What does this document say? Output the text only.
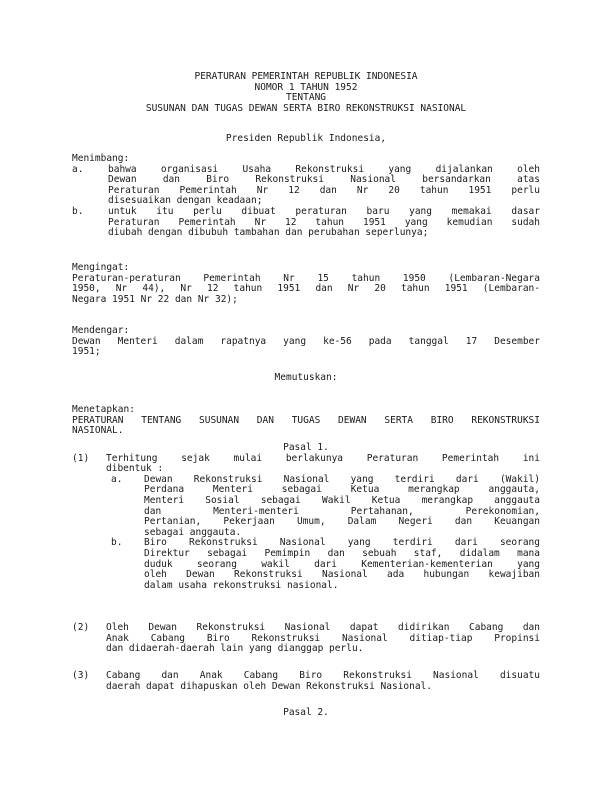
PERATURAN PEMERINTAH REPUBLIK INDONESIA
NOMOR 1 TAHUN 1952
TENTANG
SUSUNAN DAN TUGAS DEWAN SERTA BIRO REKONSTRUKSI NASIONAL
Presiden Republik Indonesia,
Menimbang:
a.	bahwa organisasi Usaha Rekonstruksi yang dijalankan oleh
Dewan dan Biro Rekonstruksi Nasional bersandarkan atas
Peraturan Pemerintah Nr 12 dan Nr 20 tahun 1951 perlu
disesuaikan dengan keadaan;
b.	untuk itu perlu dibuat peraturan baru yang memakai dasar
Peraturan Pemerintah Nr 12 tahun 1951 yang kemudian sudah
diubah dengan dibubuh tambahan dan perubahan seperlunya;
Mengingat:
Peraturan-peraturan Pemerintah Nr 15 tahun 1950 (Lembaran-Negara
1950, Nr 44), Nr 12 tahun 1951 dan Nr 20 tahun 1951 (Lembaran-
Negara 1951 Nr 22 dan Nr 32);
Mendengar:
Dewan Menteri dalam rapatnya yang ke-56 pada tanggal 17 Desember
1951;
Memutuskan:
Menetapkan:
PERATURAN TENTANG SUSUNAN DAN TUGAS DEWAN SERTA BIRO REKONSTRUKSI
NASIONAL.
Pasal 1.
(1) Terhitung sejak mulai berlakunya Peraturan Pemerintah ini
dibentuk :
a. Dewan Rekonstruksi Nasional yang terdiri dari (Wakil)
Perdana Menteri sebagai Ketua merangkap anggauta,
Menteri Sosial sebagai Wakil Ketua merangkap anggauta
dan Menteri-menteri Pertahanan, Perekonomian,
Pertanian, Pekerjaan Umum, Dalam Negeri dan Keuangan
sebagai anggauta.
b. Biro Rekonstruksi Nasional yang terdiri dari seorang
Direktur sebagai Pemimpin dan sebuah staf, didalam mana
duduk seorang wakil dari Kementerian-kementerian yang
oleh Dewan Rekonstruksi Nasional ada hubungan kewajiban
dalam usaha rekonstruksi nasional.
(2) Oleh Dewan Rekonstruksi Nasional dapat didirikan Cabang dan
Anak Cabang Biro Rekonstruksi Nasional ditiap-tiap Propinsi
dan didaerah-daerah lain yang dianggap perlu.
(3) Cabang dan Anak Cabang Biro Rekonstruksi Nasional disuatu
daerah dapat dihapuskan oleh Dewan Rekonstruksi Nasional.
Pasal 2.
